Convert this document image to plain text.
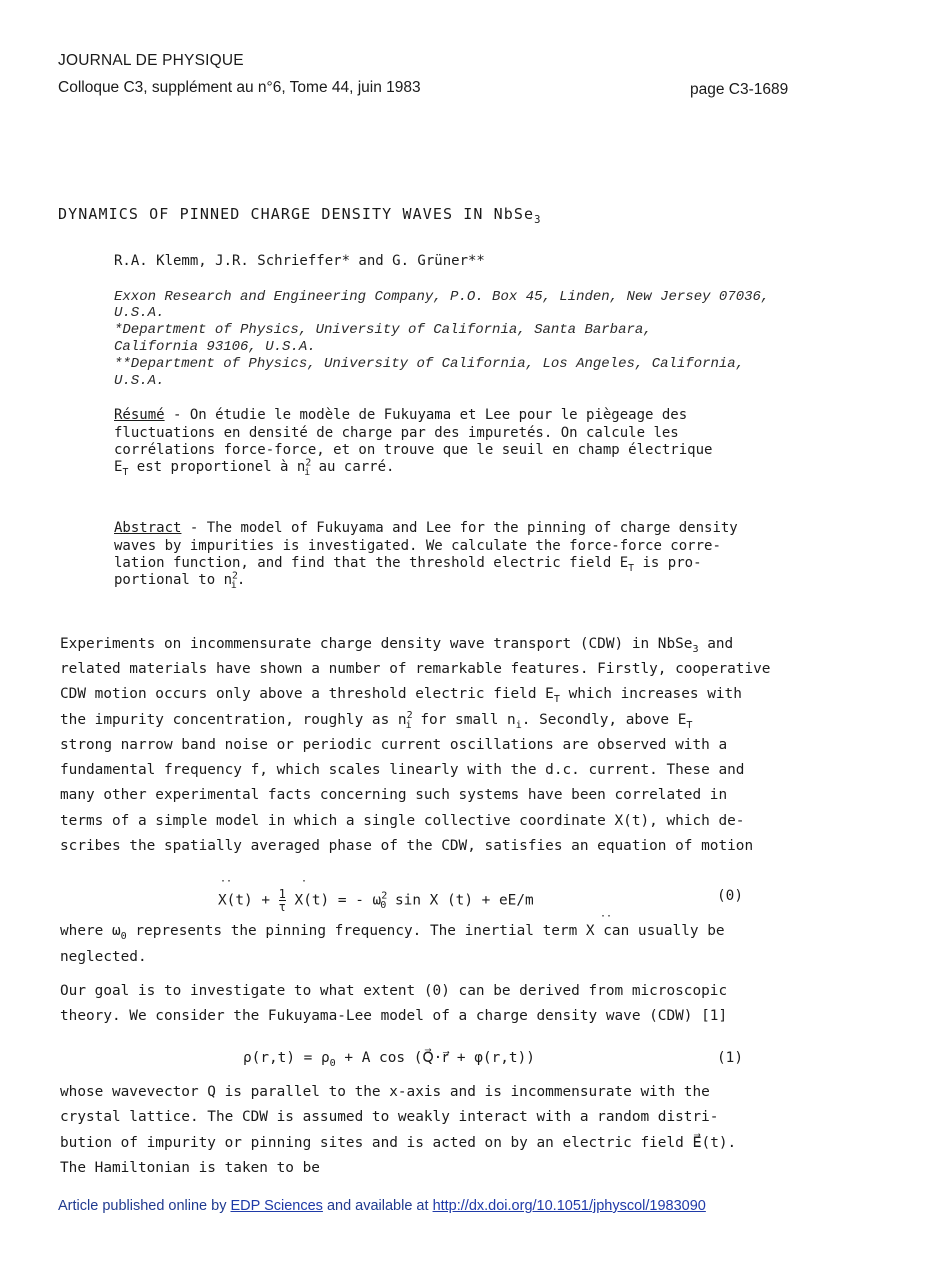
JOURNAL DE PHYSIQUE
Colloque C3, supplément au n°6, Tome 44, juin 1983	page C3-1689
DYNAMICS OF PINNED CHARGE DENSITY WAVES IN NbSe$_3$
R.A. Klemm, J.R. Schrieffer* and G. Grüner**
Exxon Research and Engineering Company, P.O. Box 45, Linden, New Jersey 07036,
U.S.A.
*Department of Physics, University of California, Santa Barbara,
California 93106, U.S.A.
**Department of Physics, University of California, Los Angeles, California,
U.S.A.
Résumé - On étudie le modèle de Fukuyama et Lee pour le piègeage des
fluctuations en densité de charge par des impuretés. On calcule les
corrélations force-force, et on trouve que le seuil en champ électrique
$E_T$ est proportionel à $n^2_i$ au carré.
Abstract - The model of Fukuyama and Lee for the pinning of charge density
waves by impurities is investigated. We calculate the force-force corre-
lation function, and find that the threshold electric field $E_T$ is pro-
portional to $n^2_i$.
Experiments on incommensurate charge density wave transport (CDW) in NbSe$_3$ and
related materials have shown a number of remarkable features. Firstly, cooperative
CDW motion occurs only above a threshold electric field $E_T$ which increases with
the impurity concentration, roughly as $n^2_i$ for small $n_i$. Secondly, above $E_T$
strong narrow band noise or periodic current oscillations are observed with a
fundamental frequency f, which scales linearly with the d.c. current. These and
many other experimental facts concerning such systems have been correlated in
terms of a simple model in which a single collective coordinate X(t), which de-
scribes the spatially averaged phase of the CDW, satisfies an equation of motion
$X(t) + \frac{1}{\tau} X(t)$ = - $\omega^2_0$ sin X (t) + eE/m
··	·
(0)
where $\omega_0$ represents the pinning frequency. The inertial term X can usually be
··
neglected.
Our goal is to investigate to what extent (0) can be derived from microscopic
theory. We consider the Fukuyama-Lee model of a charge density wave (CDW) [1]
$\rho(r,t) = \rho_0 + A$ cos (Q⃗·r⃗ + φ(r,t))	(1)
whose wavevector Q is parallel to the x-axis and is incommensurate with the
crystal lattice. The CDW is assumed to weakly interact with a random distri-
bution of impurity or pinning sites and is acted on by an electric field E⃗(t).
The Hamiltonian is taken to be
Article published online by EDP Sciences and available at http://dx.doi.org/10.1051/jphyscol/1983090
